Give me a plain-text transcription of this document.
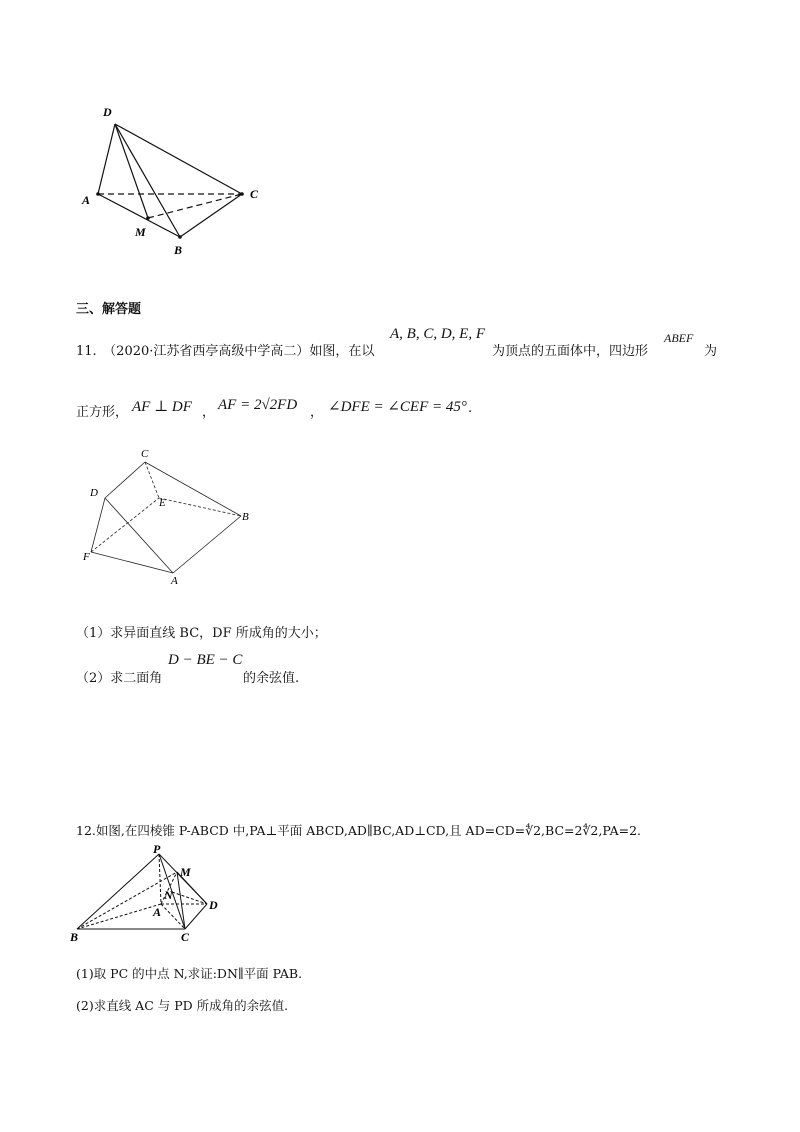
D
A	C
M
B
三、解答题
11.　（2020·江苏省西亭高级中学高二）如图，在以
A, B, C, D, E, F
为顶点的五面体中，四边形
ABEF
为
正方形， AF ⊥ DF ， AF = 2√2FD ， ∠DFE = ∠CEF = 45° .
C
D
E
B
F
A
（1）求异面直线 BC，DF 所成角的大小；
（2）求二面角
D − BE − C
的余弦值.
12.如图,在四棱锥 P-ABCD 中,PA⊥平面 ABCD,AD∥BC,AD⊥CD,且 AD=CD=∜2,BC=2∜2,PA=2.
P
M
N
A	D
B	C
(1)取 PC 的中点 N,求证:DN∥平面 PAB.
(2)求直线 AC 与 PD 所成角的余弦值.
